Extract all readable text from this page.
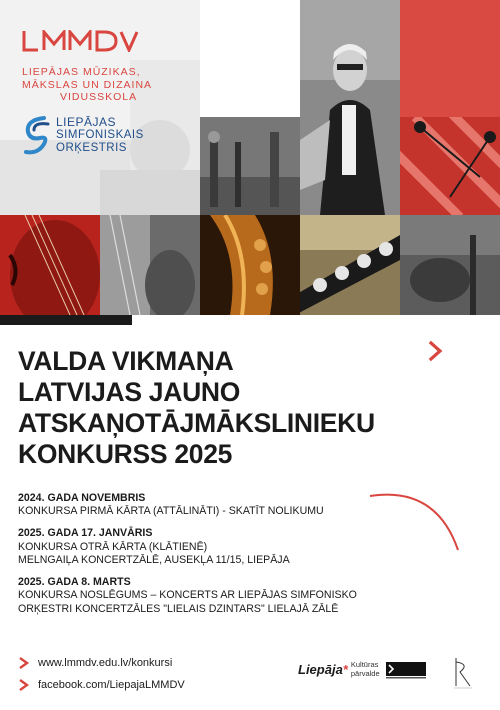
LIEPĀJAS MŪZIKAS,
MĀKSLAS UN DIZAINA
VIDUSSKOLA
LIEPĀJAS
SIMFONISKAIS
ORĶESTRIS
VALDA VIKMAŅA
LATVIJAS JAUNO
ATSKAŅOTĀJMĀKSLINIEKU
KONKURSS 2025
2024. GADA NOVEMBRIS
KONKURSA PIRMĀ KĀRTA (ATTĀLINĀTI) - SKATĪT NOLIKUMU
2025. GADA 17. JANVĀRIS
KONKURSA OTRĀ KĀRTA (KLĀTIENĒ)
MELNGAIĻA KONCERTZĀLĒ, AUSEKĻA 11/15, LIEPĀJA
2025. GADA 8. MARTS
KONKURSA NOSLĒGUMS – KONCERTS AR LIEPĀJAS SIMFONISKO
ORĶESTRI KONCERTZĀLES "LIELAIS DZINTARS" LIELAJĀ ZĀLĒ
www.lmmdv.edu.lv/konkursi
facebook.com/LiepajaLMMDV
Liepāja* Kultūras
pārvalde
